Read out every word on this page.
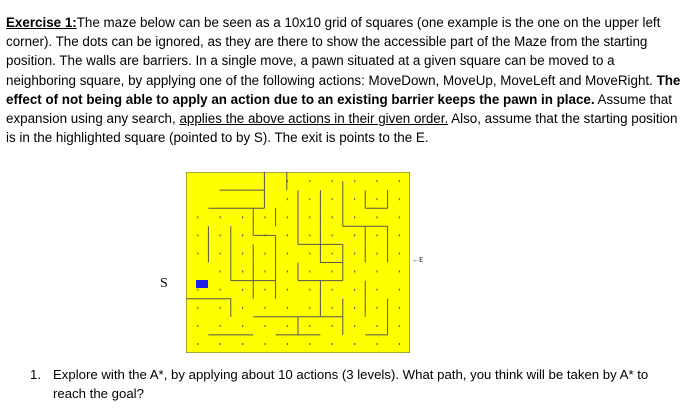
Exercise 1:The maze below can be seen as a 10x10 grid of squares (one example is the one on the upper left corner). The dots can be ignored, as they are there to show the accessible part of the Maze from the starting position. The walls are barriers. In a single move, a pawn situated at a given square can be moved to a neighboring square, by applying one of the following actions: MoveDown, MoveUp, MoveLeft and MoveRight. The effect of not being able to apply an action due to an existing barrier keeps the pawn in place. Assume that expansion using any search, applies the above actions in their given order. Also, assume that the starting position is in the highlighted square (pointed to by S). The exit is points to the E.

S
←E
1. Explore with the A*, by applying about 10 actions (3 levels). What path, you think will be taken by A* to reach the goal?
